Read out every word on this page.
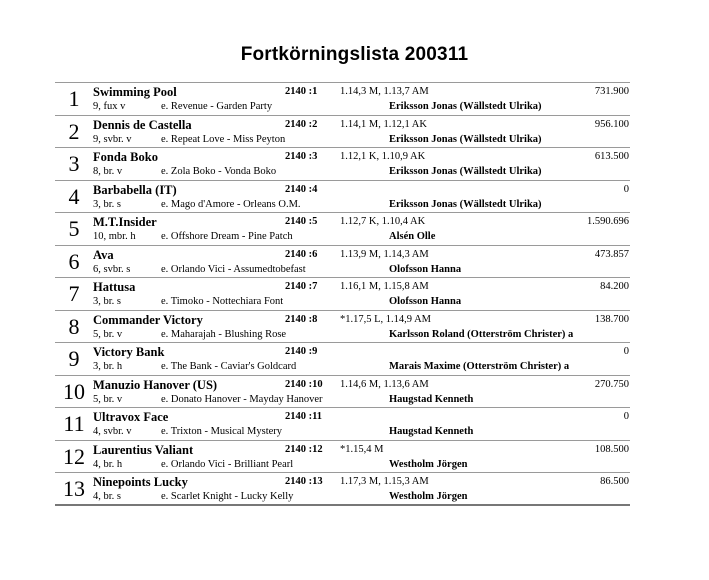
Fortkörningslista 200311
1	Swimming Pool
9, fux v	e. Revenue - Garden Party
2140 :1 1.14,3 M, 1.13,7 AM
Eriksson Jonas (Wällstedt Ulrika)
731.900
2	Dennis de Castella
9, svbr. v	e. Repeat Love - Miss Peyton
2140 :2 1.14,1 M, 1.12,1 AK
Eriksson Jonas (Wällstedt Ulrika)
956.100
3	Fonda Boko
8, br. v	e. Zola Boko - Vonda Boko
2140 :3 1.12,1 K, 1.10,9 AK
Eriksson Jonas (Wällstedt Ulrika)
613.500
4	Barbabella (IT)
3, br. s	e. Mago d'Amore - Orleans O.M.
2140 :4
Eriksson Jonas (Wällstedt Ulrika)
0
5	M.T.Insider
10, mbr. h e. Offshore Dream - Pine Patch
2140 :5 1.12,7 K, 1.10,4 AK
Alsén Olle
1.590.696
6	Ava
6, svbr. s	e. Orlando Vici - Assumedtobefast
2140 :6 1.13,9 M, 1.14,3 AM
Olofsson Hanna
473.857
7	Hattusa
3, br. s	e. Timoko - Nottechiara Font
2140 :7 1.16,1 M, 1.15,8 AM
Olofsson Hanna
84.200
8	Commander Victory
5, br. v	e. Maharajah - Blushing Rose
2140 :8 *1.17,5 L, 1.14,9 AM
Karlsson Roland (Otterström Christer) a
138.700
9	Victory Bank
3, br. h	e. The Bank - Caviar's Goldcard
2140 :9
Marais Maxime (Otterström Christer) a
0
10 Manuzio Hanover (US)
5, br. v	e. Donato Hanover - Mayday Hanover
2140 :10 1.14,6 M, 1.13,6 AM
Haugstad Kenneth
270.750
11 Ultravox Face
4, svbr. v	e. Trixton - Musical Mystery
2140 :11
Haugstad Kenneth
0
12 Laurentius Valiant
4, br. h	e. Orlando Vici - Brilliant Pearl
2140 :12 *1.15,4 M
Westholm Jörgen
108.500
13 Ninepoints Lucky
4, br. s	e. Scarlet Knight - Lucky Kelly
2140 :13 1.17,3 M, 1.15,3 AM
Westholm Jörgen
86.500
